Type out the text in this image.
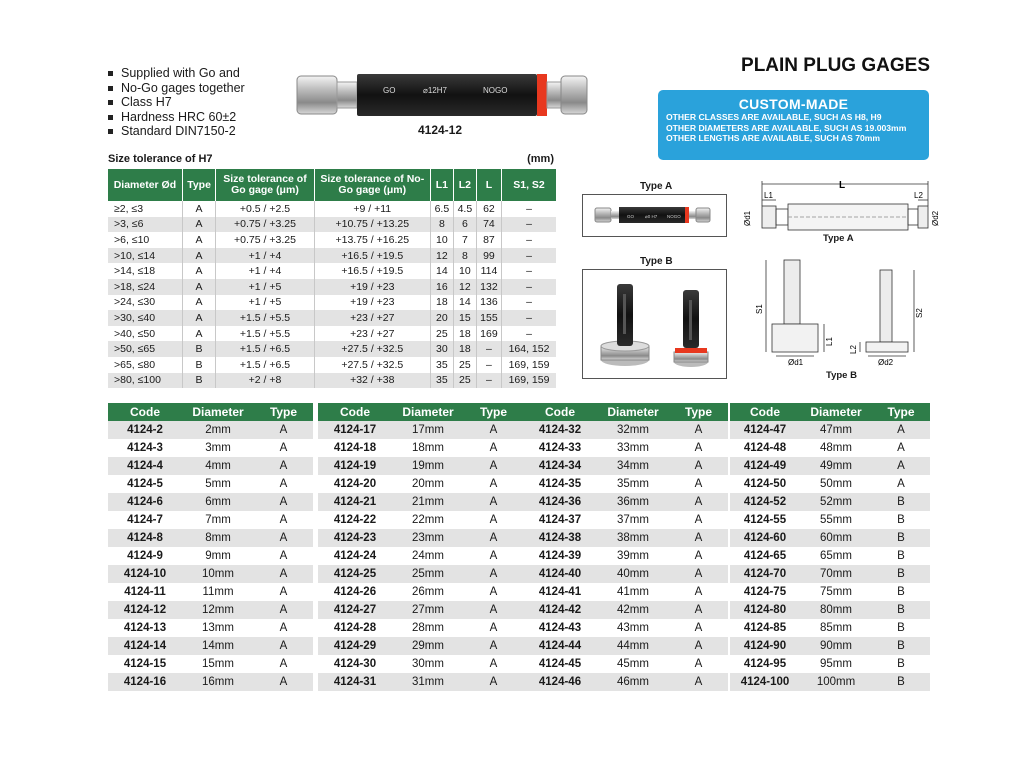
PLAIN PLUG GAGES
Supplied with Go and
No-Go gages together
Class H7
Hardness HRC 60±2
Standard DIN7150-2
GO	⌀12H7	NOGO
4124-12
CUSTOM-MADE
OTHER CLASSES ARE AVAILABLE, SUCH AS H8, H9
OTHER DIAMETERS ARE AVAILABLE, SUCH AS 19.003mm
OTHER LENGTHS ARE AVAILABLE, SUCH AS 70mm
Size tolerance of H7	(mm)
Diameter Ød	Type	Size tolerance of Go gage (μm)	Size tolerance of No-Go gage (μm)	L1	L2	L	S1, S2
≥2, ≤3	A	+0.5 / +2.5	+9 / +11	6.5	4.5	62	–
>3, ≤6	A	+0.75 / +3.25	+10.75 / +13.25	8	6	74	–
>6, ≤10	A	+0.75 / +3.25	+13.75 / +16.25	10	7	87	–
>10, ≤14	A	+1 / +4	+16.5 / +19.5	12	8	99	–
>14, ≤18	A	+1 / +4	+16.5 / +19.5	14	10	114	–
>18, ≤24	A	+1 / +5	+19 / +23	16	12	132	–
>24, ≤30	A	+1 / +5	+19 / +23	18	14	136	–
>30, ≤40	A	+1.5 / +5.5	+23 / +27	20	15	155	–
>40, ≤50	A	+1.5 / +5.5	+23 / +27	25	18	169	–
>50, ≤65	B	+1.5 / +6.5	+27.5 / +32.5	30	18	–	164, 152
>65, ≤80	B	+1.5 / +6.5	+27.5 / +32.5	35	25	–	169, 159
>80, ≤100	B	+2 / +8	+32 / +38	35	25	–	169, 159
Type A
GO ⌀0 H7 NOGO
Type B
L
L1	L2
Ød1	Ød2
Type A
S1
Ød1
L1
S2
Ød2
L2
Type B
Code	Diameter	Type
4124-2	2mm	A
4124-3	3mm	A
4124-4	4mm	A
4124-5	5mm	A
4124-6	6mm	A
4124-7	7mm	A
4124-8	8mm	A
4124-9	9mm	A
4124-10	10mm	A
4124-11	11mm	A
4124-12	12mm	A
4124-13	13mm	A
4124-14	14mm	A
4124-15	15mm	A
4124-16	16mm	A
Code	Diameter	Type
4124-17	17mm	A
4124-18	18mm	A
4124-19	19mm	A
4124-20	20mm	A
4124-21	21mm	A
4124-22	22mm	A
4124-23	23mm	A
4124-24	24mm	A
4124-25	25mm	A
4124-26	26mm	A
4124-27	27mm	A
4124-28	28mm	A
4124-29	29mm	A
4124-30	30mm	A
4124-31	31mm	A
Code	Diameter	Type
4124-32	32mm	A
4124-33	33mm	A
4124-34	34mm	A
4124-35	35mm	A
4124-36	36mm	A
4124-37	37mm	A
4124-38	38mm	A
4124-39	39mm	A
4124-40	40mm	A
4124-41	41mm	A
4124-42	42mm	A
4124-43	43mm	A
4124-44	44mm	A
4124-45	45mm	A
4124-46	46mm	A
Code	Diameter	Type
4124-47	47mm	A
4124-48	48mm	A
4124-49	49mm	A
4124-50	50mm	A
4124-52	52mm	B
4124-55	55mm	B
4124-60	60mm	B
4124-65	65mm	B
4124-70	70mm	B
4124-75	75mm	B
4124-80	80mm	B
4124-85	85mm	B
4124-90	90mm	B
4124-95	95mm	B
4124-100	100mm	B
